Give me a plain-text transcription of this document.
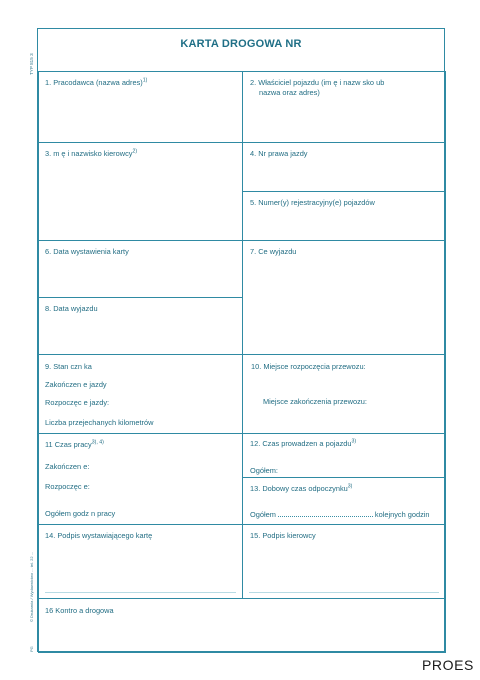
TYP 815 3
© Drukarnia / Wydawnictwo ... tel. 22 ...
PG
KARTA DROGOWA NR
1. Pracodawca (nazwa adres)$^{1)}$	2. Właściciel pojazdu (im ę i nazw sko ub
nazwa oraz adres)
3. m ę i nazwisko kierowcy$^{2)}$	4. Nr prawa jazdy
5. Numer(y) rejestracyjny(e) pojazdów
6. Data wystawienia karty
8. Data wyjazdu
7. Ce wyjazdu
9. Stan czn ka
Zakończen e jazdy
Rozpoczęc e jazdy:
Liczba przejechanych kilometrów
10. Miejsce rozpoczęcia przewozu:
Miejsce zakończenia przewozu:
11 Czas pracy$^{3), 4)}$
Zakończen e:
Rozpoczęc e:
Ogółem godz n pracy
12. Czas prowadzen a pojazdu$^{3)}$
Ogółem:
13. Dobowy czas odpoczynku$^{3)}$
Ogółem	kolejnych godzin
14. Podpis wystawiającego kartę	15. Podpis kierowcy
16 Kontro a drogowa
PROES
